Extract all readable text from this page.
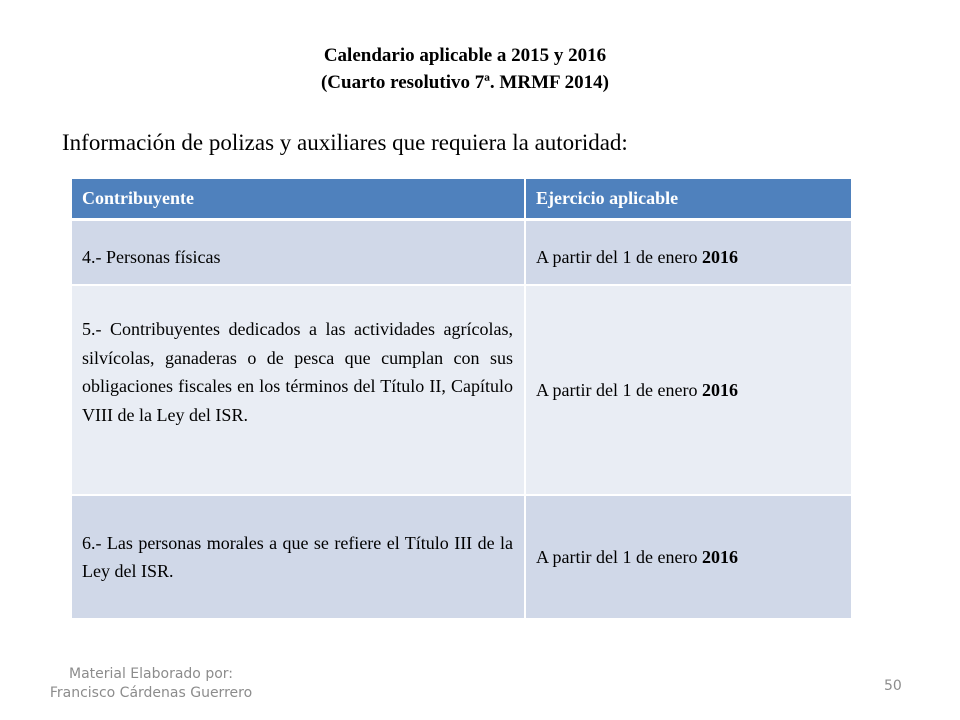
Calendario aplicable a 2015 y 2016
(Cuarto resolutivo 7ª. MRMF 2014)
Información de polizas y auxiliares que requiera la autoridad:
Contribuyente	Ejercicio aplicable
4.- Personas físicas	A partir del 1 de enero 2016
5.- Contribuyentes dedicados a las actividades agrícolas, silvícolas, ganaderas o de pesca que cumplan con sus obligaciones fiscales en los términos del Título II, Capítulo VIII de la Ley del ISR.	A partir del 1 de enero 2016
6.- Las personas morales a que se refiere el Título III de la Ley del ISR.	A partir del 1 de enero 2016
Material Elaborado por:
Francisco Cárdenas Guerrero	50
